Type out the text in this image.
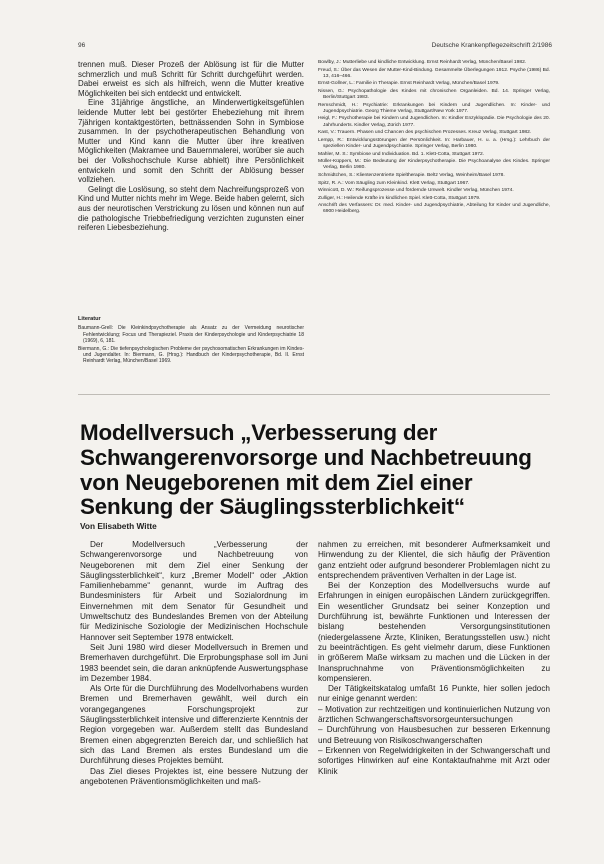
96	Deutsche Krankenpflegezeitschrift 2/1986

trennen muß. Dieser Prozeß der Ablösung ist für die Mutter schmerzlich und muß Schritt für Schritt durchgeführt werden. Dabei erweist es sich als hilfreich, wenn die Mutter kreative Möglichkeiten bei sich entdeckt und entwickelt.

Eine 31jährige ängstliche, an Minderwertigkeitsgefühlen leidende Mutter lebt bei gestörter Ehebeziehung mit ihrem 7jährigen kontaktgestörten, bettnässenden Sohn in Symbiose zusammen. In der psychotherapeutischen Behandlung von Mutter und Kind kann die Mutter über ihre kreativen Möglichkeiten (Makramee und Bauernmalerei, worüber sie auch bei der Volkshochschule Kurse abhielt) ihre Persönlichkeit entwickeln und somit den Schritt der Ablösung besser vollziehen.

Gelingt die Loslösung, so steht dem Nachreifungsprozeß von Kind und Mutter nichts mehr im Wege. Beide haben gelernt, sich aus der neurotischen Verstrickung zu lösen und können nun auf die pathologische Triebbefriedigung verzichten zugunsten einer reiferen Liebesbeziehung.

Literatur

Baumann-Grell: Die Kleinkindpsychotherapie als Ansatz zu der Vermeidung neurotischer Fehlentwicklung; Focus und Therapieziel. Praxis der Kinderpsychologie und Kinderpsychiatrie 18 (1969), 6, 181.

Biermann, G.: Die tiefenpsychologischen Probleme der psychosomatischen Erkrankungen im Kindes- und Jugendalter. In: Biermann, G. (Hrsg.): Handbuch der Kinderpsychotherapie, Bd. II. Ernst Reinhardt Verlag, München/Basel 1969.

Bowlby, J.: Mutterliebe und kindliche Entwicklung. Ernst Reinhardt Verlag, München/Basel 1982.

Freud, S.: Über das Wesen der Mutter-Kind-Bindung. Gesammelte Überlegungen 1912. Psyche (1986) Bd. 13, 416–466.

Ernst-Gollner, L.: Familie in Therapie. Ernst Reinhardt Verlag, München/Basel 1979.

Nissen, G.: Psychopathologie des Kindes mit chronischen Organleiden. Bd. 14. Springer Verlag, Berlin/Stuttgart 1983.

Remschmidt, H.: Psychiatrie: Erkrankungen bei Kindern und Jugendlichen. In: Kinder- und Jugendpsychiatrie. Georg Thieme Verlag, Stuttgart/New York 1977.

Heigl, F.: Psychotherapie bei Kindern und Jugendlichen. In: Kindler Enzyklopädie. Die Psychologie des 20. Jahrhunderts. Kindler Verlag, Zürich 1977.

Kast, V.: Trauern. Phasen und Chancen des psychischen Prozesses. Kreuz Verlag, Stuttgart 1982.

Lempp, R.: Entwicklungsstörungen der Persönlichkeit. In: Harbauer, H. u. a. (Hrsg.): Lehrbuch der speziellen Kinder- und Jugendpsychiatrie. Springer Verlag, Berlin 1980.

Mahler, M. S.: Symbiose und Individuation. Bd. 1. Klett-Cotta, Stuttgart 1972.

Müller-Küppers, M.: Die Bedeutung der Kinderpsychotherapie. Die Psychoanalyse des Kindes. Springer Verlag, Berlin 1980.

Schmidtchen, S.: Klientenzentrierte Spieltherapie. Beltz Verlag, Weinheim/Basel 1978.

Spitz, R. A.: Vom Säugling zum Kleinkind. Klett Verlag, Stuttgart 1967.

Winnicott, D. W.: Reifungsprozesse und fördernde Umwelt. Kindler Verlag, München 1974.

Zulliger, H.: Heilende Kräfte im kindlichen Spiel. Klett-Cotta, Stuttgart 1979.

Anschrift des Verfassers: Dr. med. Kinder- und Jugendpsychiatrie, Abteilung für Kinder und Jugendliche, 6900 Heidelberg.

Modellversuch „Verbesserung der
Schwangerenvorsorge und Nachbetreuung
von Neugeborenen mit dem Ziel einer
Senkung der Säuglingssterblichkeit“
Von Elisabeth Witte

Der Modellversuch „Verbesserung der Schwangerenvorsorge und Nachbetreuung von Neugeborenen mit dem Ziel einer Senkung der Säuglingssterblichkeit“, kurz „Bremer Modell“ oder „Aktion Familienhebamme“ genannt, wurde im Auftrag des Bundesministers für Arbeit und Sozialordnung im Einvernehmen mit dem Senator für Gesundheit und Umweltschutz des Bundeslandes Bremen von der Abteilung für Medizinische Soziologie der Medizinischen Hochschule Hannover seit September 1978 entwickelt.

Seit Juni 1980 wird dieser Modellversuch in Bremen und Bremerhaven durchgeführt. Die Erprobungsphase soll im Juni 1983 beendet sein, die daran anknüpfende Auswertungsphase im Dezember 1984.

Als Orte für die Durchführung des Modellvorhabens wurden Bremen und Bremerhaven gewählt, weil durch ein vorangegangenes Forschungsprojekt zur Säuglingssterblichkeit intensive und differenzierte Kenntnis der Region vorgegeben war. Außerdem stellt das Bundesland Bremen einen abgegrenzten Bereich dar, und schließlich hat sich das Land Bremen als erstes Bundesland um die Durchführung dieses Projektes bemüht.

Das Ziel dieses Projektes ist, eine bessere Nutzung der angebotenen Präventionsmöglichkeiten und maß-

nahmen zu erreichen, mit besonderer Aufmerksamkeit und Hinwendung zu der Klientel, die sich häufig der Prävention ganz entzieht oder aufgrund besonderer Problemlagen nicht zu entsprechendem präventiven Verhalten in der Lage ist.

Bei der Konzeption des Modellversuchs wurde auf Erfahrungen in einigen europäischen Ländern zurückgegriffen. Ein wesentlicher Grundsatz bei seiner Konzeption und Durchführung ist, bewährte Funktionen und Interessen der bislang bestehenden Versorgungsinstitutionen (niedergelassene Ärzte, Kliniken, Beratungsstellen usw.) nicht zu beeinträchtigen. Es geht vielmehr darum, diese Funktionen in größerem Maße wirksam zu machen und die Lücken in der Inanspruchnahme von Präventionsmöglichkeiten zu kompensieren.

Der Tätigkeitskatalog umfaßt 16 Punkte, hier sollen jedoch nur einige genannt werden:

– Motivation zur rechtzeitigen und kontinuierlichen Nutzung von ärztlichen Schwangerschaftsvorsorgeuntersuchungen

– Durchführung von Hausbesuchen zur besseren Erkennung und Betreuung von Risikoschwangerschaften

– Erkennen von Regelwidrigkeiten in der Schwangerschaft und sofortiges Hinwirken auf eine Kontaktaufnahme mit Arzt oder Klinik
